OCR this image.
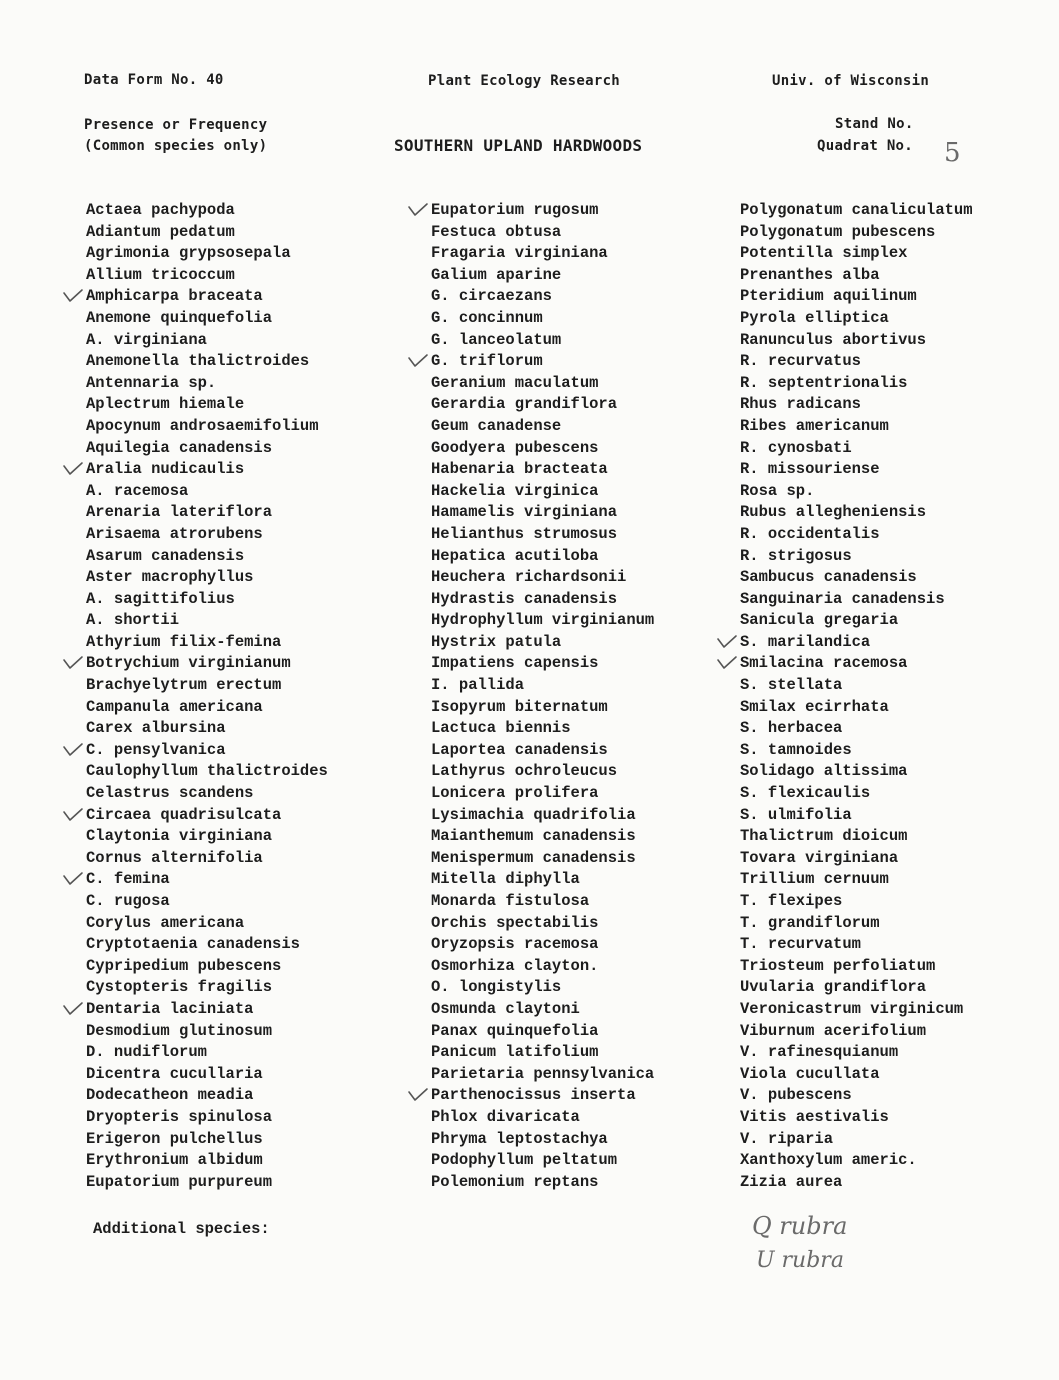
Data Form No. 40	Plant Ecology Research	Univ. of Wisconsin
Presence or Frequency
(Common species only)	SOUTHERN UPLAND HARDWOODS
Stand No.
Quadrat No. 5
Actaea pachypoda
Adiantum pedatum
Agrimonia grypsosepala
Allium tricoccum
Amphicarpa braceata
Anemone quinquefolia
A. virginiana
Anemonella thalictroides
Antennaria sp.
Aplectrum hiemale
Apocynum androsaemifolium
Aquilegia canadensis
Aralia nudicaulis
A. racemosa
Arenaria lateriflora
Arisaema atrorubens
Asarum canadensis
Aster macrophyllus
A. sagittifolius
A. shortii
Athyrium filix-femina
Botrychium virginianum
Brachyelytrum erectum
Campanula americana
Carex albursina
C. pensylvanica
Caulophyllum thalictroides
Celastrus scandens
Circaea quadrisulcata
Claytonia virginiana
Cornus alternifolia
C. femina
C. rugosa
Corylus americana
Cryptotaenia canadensis
Cypripedium pubescens
Cystopteris fragilis
Dentaria laciniata
Desmodium glutinosum
D. nudiflorum
Dicentra cucullaria
Dodecatheon meadia
Dryopteris spinulosa
Erigeron pulchellus
Erythronium albidum
Eupatorium purpureum
Eupatorium rugosum
Festuca obtusa
Fragaria virginiana
Galium aparine
G. circaezans
G. concinnum
G. lanceolatum
G. triflorum
Geranium maculatum
Gerardia grandiflora
Geum canadense
Goodyera pubescens
Habenaria bracteata
Hackelia virginica
Hamamelis virginiana
Helianthus strumosus
Hepatica acutiloba
Heuchera richardsonii
Hydrastis canadensis
Hydrophyllum virginianum
Hystrix patula
Impatiens capensis
I. pallida
Isopyrum biternatum
Lactuca biennis
Laportea canadensis
Lathyrus ochroleucus
Lonicera prolifera
Lysimachia quadrifolia
Maianthemum canadensis
Menispermum canadensis
Mitella diphylla
Monarda fistulosa
Orchis spectabilis
Oryzopsis racemosa
Osmorhiza clayton.
O. longistylis
Osmunda claytoni
Panax quinquefolia
Panicum latifolium
Parietaria pennsylvanica
Parthenocissus inserta
Phlox divaricata
Phryma leptostachya
Podophyllum peltatum
Polemonium reptans
Polygonatum canaliculatum
Polygonatum pubescens
Potentilla simplex
Prenanthes alba
Pteridium aquilinum
Pyrola elliptica
Ranunculus abortivus
R. recurvatus
R. septentrionalis
Rhus radicans
Ribes americanum
R. cynosbati
R. missouriense
Rosa sp.
Rubus allegheniensis
R. occidentalis
R. strigosus
Sambucus canadensis
Sanguinaria canadensis
Sanicula gregaria
S. marilandica
Smilacina racemosa
S. stellata
Smilax ecirrhata
S. herbacea
S. tamnoides
Solidago altissima
S. flexicaulis
S. ulmifolia
Thalictrum dioicum
Tovara virginiana
Trillium cernuum
T. flexipes
T. grandiflorum
T. recurvatum
Triosteum perfoliatum
Uvularia grandiflora
Veronicastrum virginicum
Viburnum acerifolium
V. rafinesquianum
Viola cucullata
V. pubescens
Vitis aestivalis
V. riparia
Xanthoxylum americ.
Zizia aurea
Additional species:	Q rubra
U rubra
